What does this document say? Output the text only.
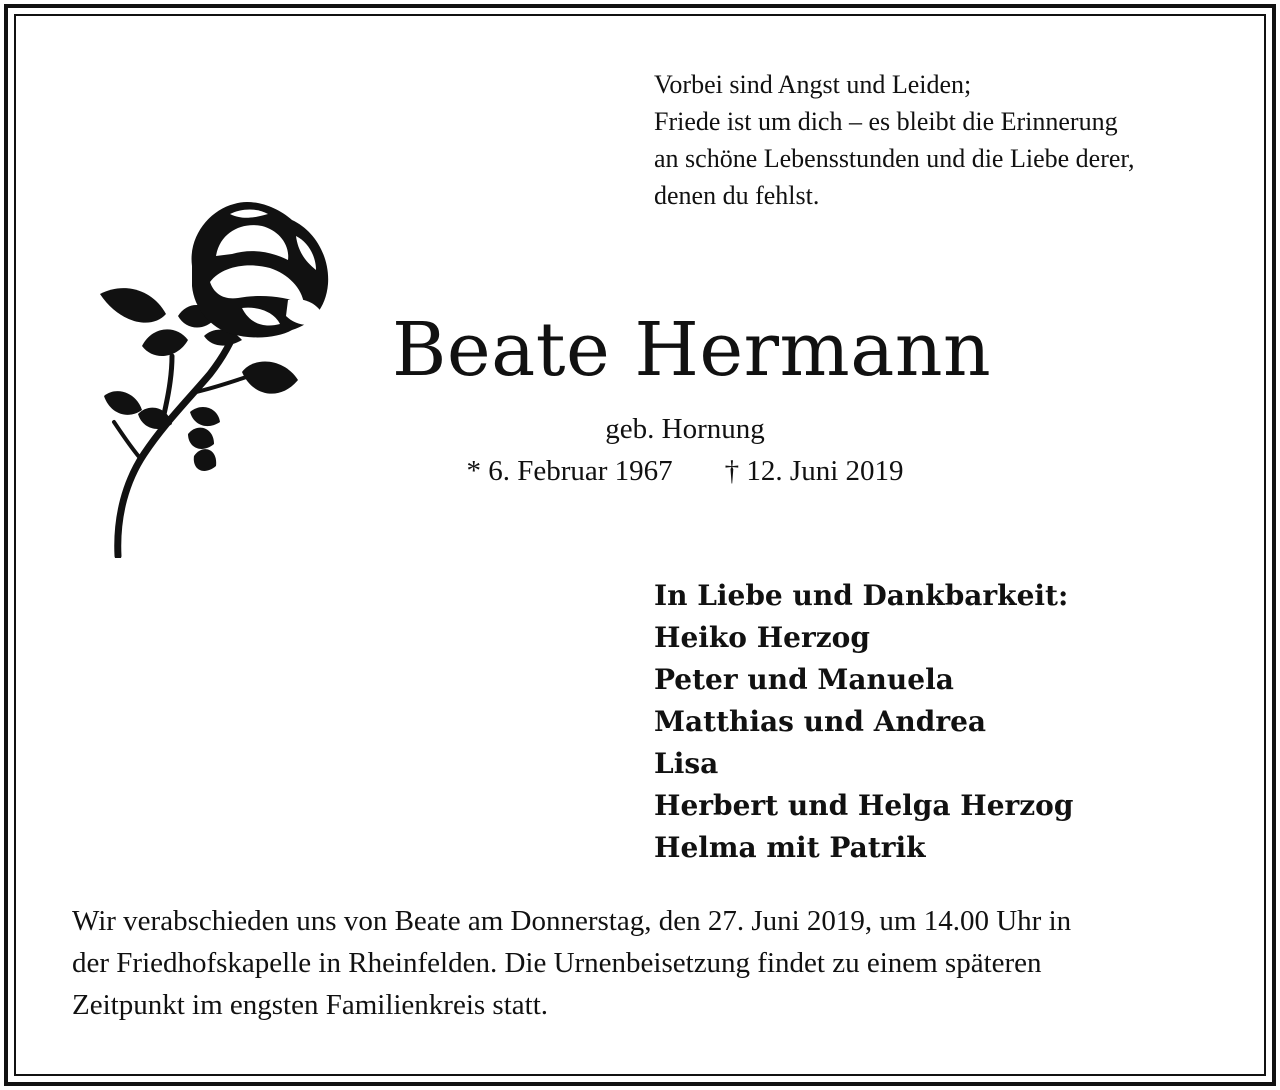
Vorbei sind Angst und Leiden;
Friede ist um dich – es bleibt die Erinnerung
an schöne Lebensstunden und die Liebe derer,
denen du fehlst.
Beate Hermann
geb. Hornung
* 6. Februar 1967 † 12. Juni 2019
In Liebe und Dankbarkeit:
Heiko Herzog
Peter und Manuela
Matthias und Andrea
Lisa
Herbert und Helga Herzog
Helma mit Patrik
Wir verabschieden uns von Beate am Donnerstag, den 27. Juni 2019, um 14.00 Uhr in
der Friedhofskapelle in Rheinfelden. Die Urnenbeisetzung findet zu einem späteren
Zeitpunkt im engsten Familienkreis statt.
